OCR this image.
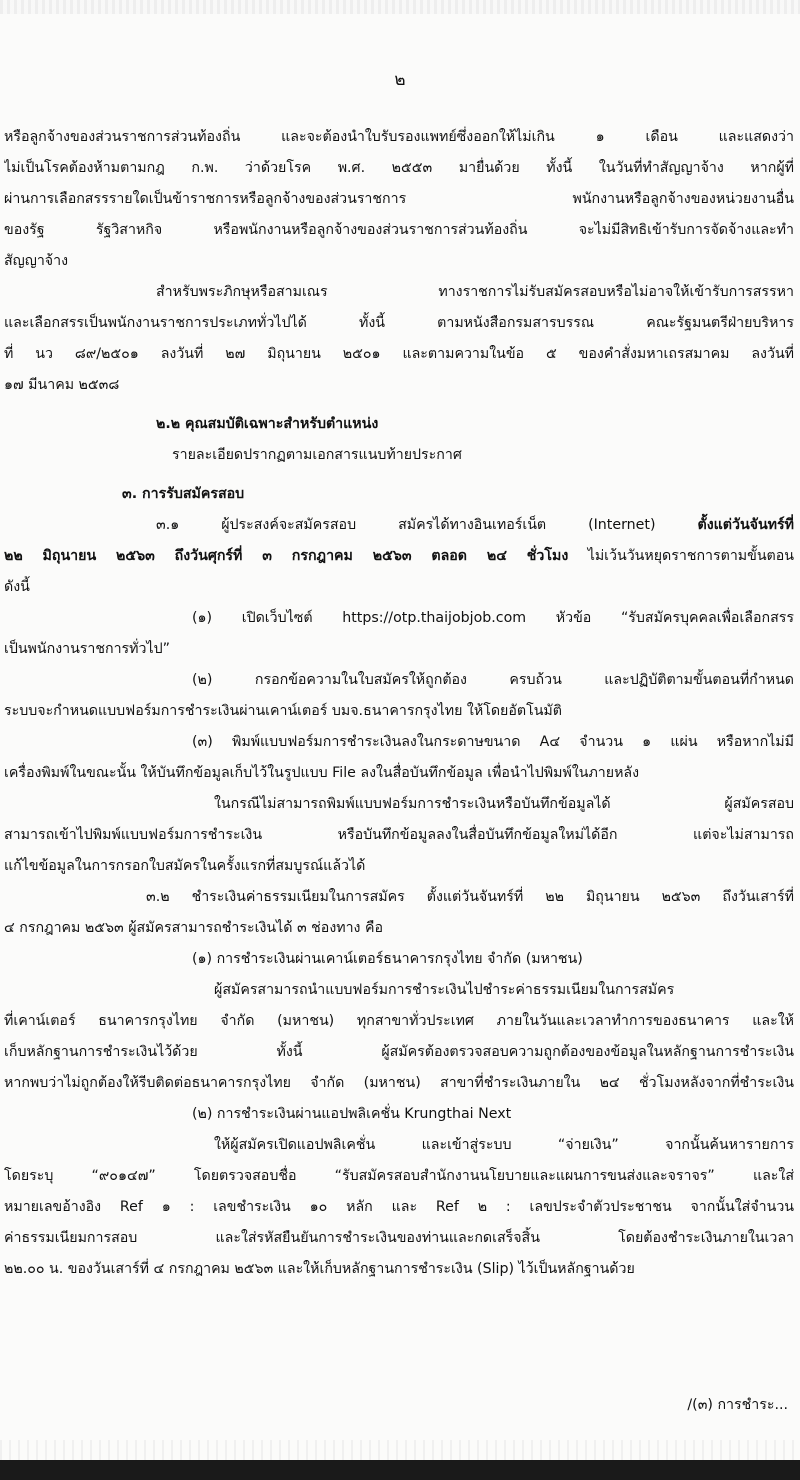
๒
หรือลูกจ้างของส่วนราชการส่วนท้องถิ่น และจะต้องนำใบรับรองแพทย์ซึ่งออกให้ไม่เกิน ๑ เดือน และแสดงว่า
ไม่เป็นโรคต้องห้ามตามกฎ ก.พ. ว่าด้วยโรค พ.ศ. ๒๕๕๓ มายื่นด้วย ทั้งนี้ ในวันที่ทำสัญญาจ้าง หากผู้ที่
ผ่านการเลือกสรรรายใดเป็นข้าราชการหรือลูกจ้างของส่วนราชการ พนักงานหรือลูกจ้างของหน่วยงานอื่น
ของรัฐ รัฐวิสาหกิจ หรือพนักงานหรือลูกจ้างของส่วนราชการส่วนท้องถิ่น จะไม่มีสิทธิเข้ารับการจัดจ้างและทำ
สัญญาจ้าง
สำหรับพระภิกษุหรือสามเณร ทางราชการไม่รับสมัครสอบหรือไม่อาจให้เข้ารับการสรรหา
และเลือกสรรเป็นพนักงานราชการประเภททั่วไปได้ ทั้งนี้ ตามหนังสือกรมสารบรรณ คณะรัฐมนตรีฝ่ายบริหาร
ที่ นว ๘๙/๒๕๐๑ ลงวันที่ ๒๗ มิถุนายน ๒๕๐๑ และตามความในข้อ ๕ ของคำสั่งมหาเถรสมาคม ลงวันที่
๑๗ มีนาคม ๒๕๓๘
๒.๒ คุณสมบัติเฉพาะสำหรับตำแหน่ง
รายละเอียดปรากฏตามเอกสารแนบท้ายประกาศ
๓. การรับสมัครสอบ
๓.๑ ผู้ประสงค์จะสมัครสอบ สมัครได้ทางอินเทอร์เน็ต (Internet)	ตั้งแต่วันจันทร์ที่
๒๒ มิถุนายน ๒๕๖๓ ถึงวันศุกร์ที่ ๓ กรกฎาคม ๒๕๖๓ ตลอด ๒๔ ชั่วโมง ไม่เว้นวันหยุดราชการตามขั้นตอน
ดังนี้
(๑) เปิดเว็บไซต์ https://otp.thaijobjob.com หัวข้อ “รับสมัครบุคคลเพื่อเลือกสรร
เป็นพนักงานราชการทั่วไป”
(๒) กรอกข้อความในใบสมัครให้ถูกต้อง ครบถ้วน และปฏิบัติตามขั้นตอนที่กำหนด
ระบบจะกำหนดแบบฟอร์มการชำระเงินผ่านเคาน์เตอร์ บมจ.ธนาคารกรุงไทย ให้โดยอัตโนมัติ
(๓) พิมพ์แบบฟอร์มการชำระเงินลงในกระดาษขนาด A๔ จำนวน ๑ แผ่น หรือหากไม่มี
เครื่องพิมพ์ในขณะนั้น ให้บันทึกข้อมูลเก็บไว้ในรูปแบบ File ลงในสื่อบันทึกข้อมูล เพื่อนำไปพิมพ์ในภายหลัง
ในกรณีไม่สามารถพิมพ์แบบฟอร์มการชำระเงินหรือบันทึกข้อมูลได้ ผู้สมัครสอบ
สามารถเข้าไปพิมพ์แบบฟอร์มการชำระเงิน หรือบันทึกข้อมูลลงในสื่อบันทึกข้อมูลใหม่ได้อีก แต่จะไม่สามารถ
แก้ไขข้อมูลในการกรอกใบสมัครในครั้งแรกที่สมบูรณ์แล้วได้
๓.๒ ชำระเงินค่าธรรมเนียมในการสมัคร ตั้งแต่วันจันทร์ที่ ๒๒ มิถุนายน ๒๕๖๓ ถึงวันเสาร์ที่
๔ กรกฎาคม ๒๕๖๓ ผู้สมัครสามารถชำระเงินได้ ๓ ช่องทาง คือ
(๑) การชำระเงินผ่านเคาน์เตอร์ธนาคารกรุงไทย จำกัด (มหาชน)
ผู้สมัครสามารถนำแบบฟอร์มการชำระเงินไปชำระค่าธรรมเนียมในการสมัคร
ที่เคาน์เตอร์ ธนาคารกรุงไทย จำกัด (มหาชน) ทุกสาขาทั่วประเทศ ภายในวันและเวลาทำการของธนาคาร และให้
เก็บหลักฐานการชำระเงินไว้ด้วย ทั้งนี้ ผู้สมัครต้องตรวจสอบความถูกต้องของข้อมูลในหลักฐานการชำระเงิน
หากพบว่าไม่ถูกต้องให้รีบติดต่อธนาคารกรุงไทย จำกัด (มหาชน) สาขาที่ชำระเงินภายใน ๒๔ ชั่วโมงหลังจากที่ชำระเงิน
(๒) การชำระเงินผ่านแอปพลิเคชั่น Krungthai Next
ให้ผู้สมัครเปิดแอปพลิเคชั่น และเข้าสู่ระบบ “จ่ายเงิน” จากนั้นค้นหารายการ
โดยระบุ “๙๐๑๔๗” โดยตรวจสอบชื่อ “รับสมัครสอบสำนักงานนโยบายและแผนการขนส่งและจราจร” และใส่
หมายเลขอ้างอิง Ref ๑ : เลขชำระเงิน ๑๐ หลัก และ Ref ๒ : เลขประจำตัวประชาชน จากนั้นใส่จำนวน
ค่าธรรมเนียมการสอบ และใส่รหัสยืนยันการชำระเงินของท่านและกดเสร็จสิ้น โดยต้องชำระเงินภายในเวลา
๒๒.๐๐ น. ของวันเสาร์ที่ ๔ กรกฎาคม ๒๕๖๓ และให้เก็บหลักฐานการชำระเงิน (Slip) ไว้เป็นหลักฐานด้วย
/(๓) การชำระ...
